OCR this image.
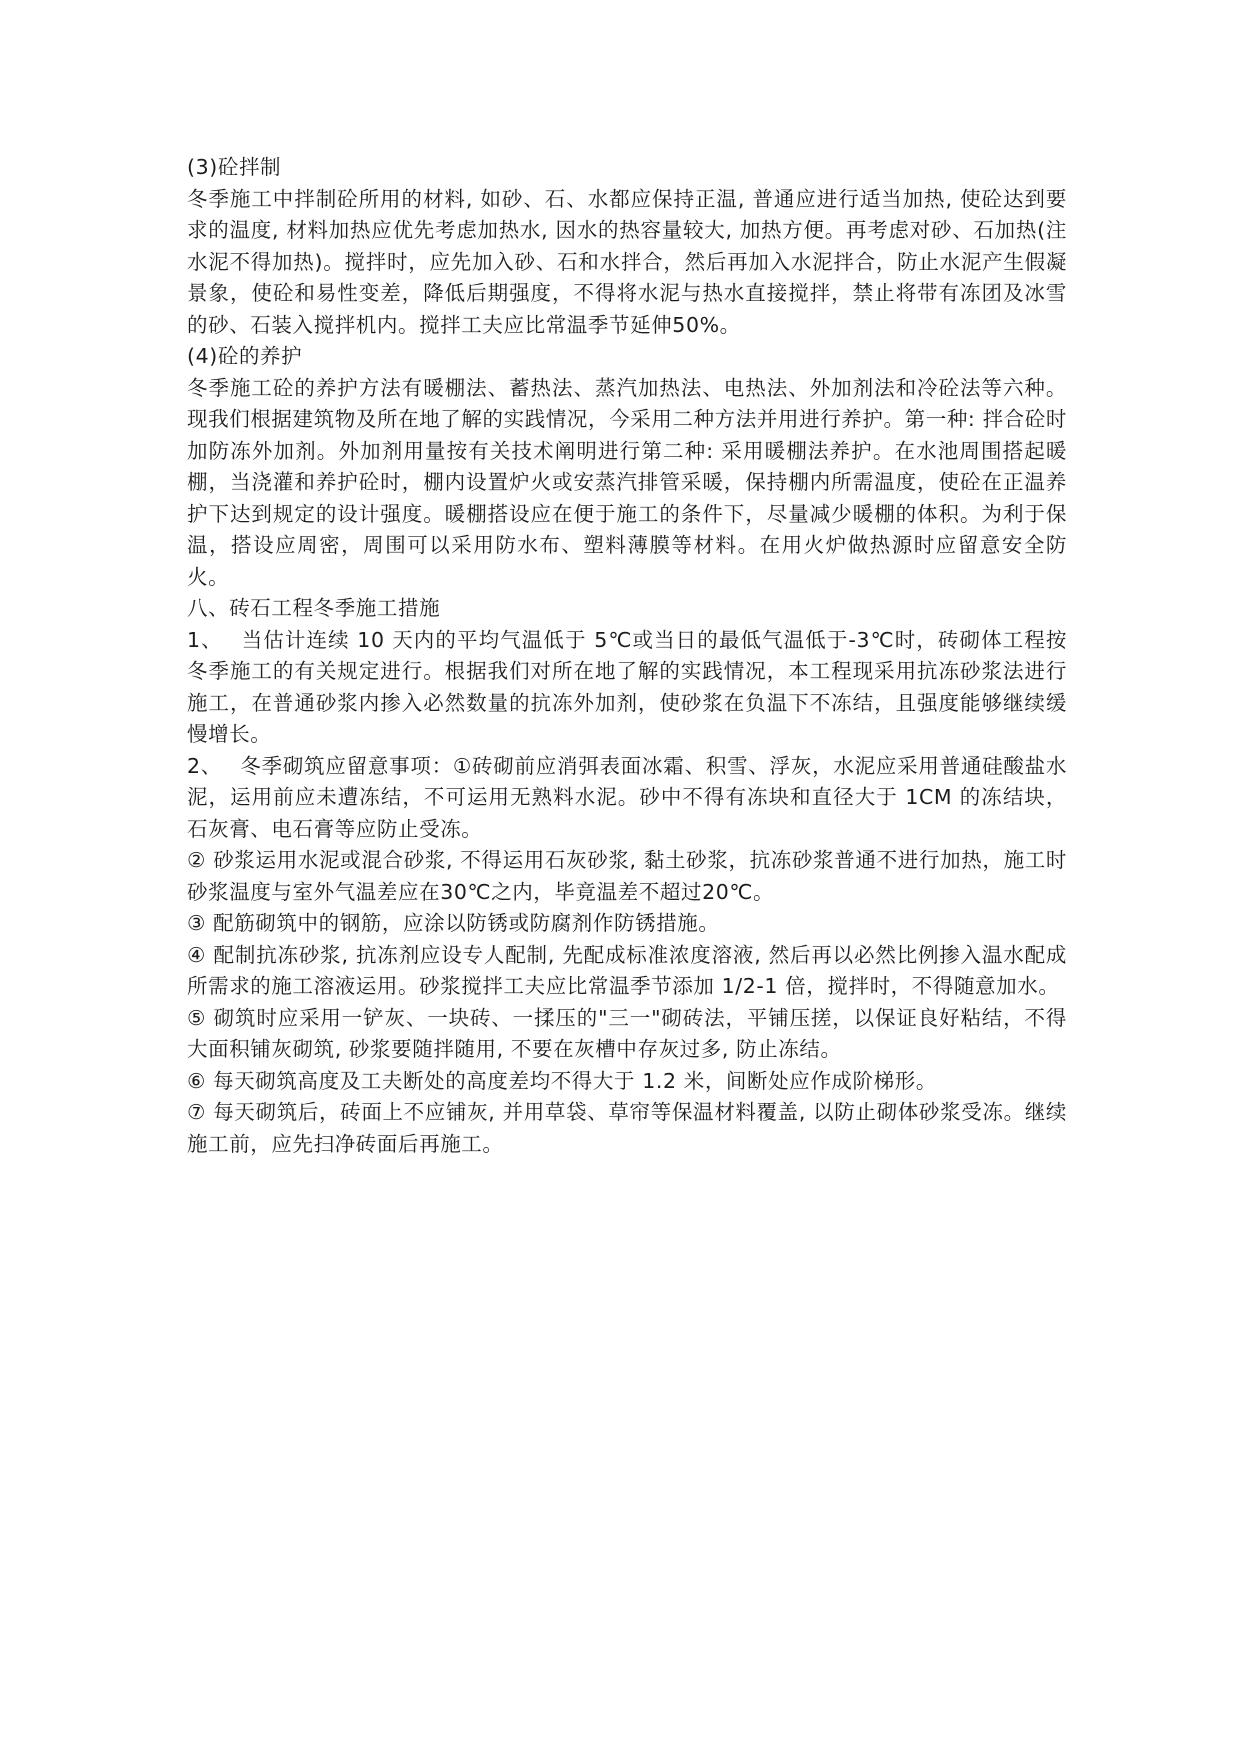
(3)砼拌制

冬季施工中拌制砼所用的材料, 如砂、石、水都应保持正温, 普通应进行适当加热, 使砼达到要求的温度, 材料加热应优先考虑加热水, 因水的热容量较大, 加热方便。再考虑对砂、石加热(注水泥不得加热)。搅拌时，应先加入砂、石和水拌合，然后再加入水泥拌合，防止水泥产生假凝景象，使砼和易性变差，降低后期强度，不得将水泥与热水直接搅拌，禁止将带有冻团及冰雪的砂、石装入搅拌机内。搅拌工夫应比常温季节延伸50%。

(4)砼的养护

冬季施工砼的养护方法有暖棚法、蓄热法、蒸汽加热法、电热法、外加剂法和冷砼法等六种。现我们根据建筑物及所在地了解的实践情况，今采用二种方法并用进行养护。第一种: 拌合砼时加防冻外加剂。外加剂用量按有关技术阐明进行第二种: 采用暖棚法养护。在水池周围搭起暖棚，当浇灌和养护砼时，棚内设置炉火或安蒸汽排管采暖，保持棚内所需温度，使砼在正温养护下达到规定的设计强度。暖棚搭设应在便于施工的条件下，尽量减少暖棚的体积。为利于保温，搭设应周密，周围可以采用防水布、塑料薄膜等材料。在用火炉做热源时应留意安全防火。

八、砖石工程冬季施工措施

1、　 当估计连续 10 天内的平均气温低于 5℃或当日的最低气温低于-3℃时，砖砌体工程按冬季施工的有关规定进行。根据我们对所在地了解的实践情况，本工程现采用抗冻砂浆法进行施工，在普通砂浆内掺入必然数量的抗冻外加剂，使砂浆在负温下不冻结，且强度能够继续缓慢增长。

2、　 冬季砌筑应留意事项：①砖砌前应消弭表面冰霜、积雪、浮灰，水泥应采用普通硅酸盐水泥，运用前应未遭冻结，不可运用无熟料水泥。砂中不得有冻块和直径大于 1CM 的冻结块，石灰膏、电石膏等应防止受冻。

② 砂浆运用水泥或混合砂浆, 不得运用石灰砂浆, 黏土砂浆，抗冻砂浆普通不进行加热，施工时砂浆温度与室外气温差应在30℃之内，毕竟温差不超过20℃。

③ 配筋砌筑中的钢筋，应涂以防锈或防腐剂作防锈措施。

④ 配制抗冻砂浆, 抗冻剂应设专人配制, 先配成标准浓度溶液, 然后再以必然比例掺入温水配成所需求的施工溶液运用。砂浆搅拌工夫应比常温季节添加 1/2-1 倍，搅拌时，不得随意加水。

⑤ 砌筑时应采用一铲灰、一块砖、一揉压的"三一"砌砖法，平铺压搓，以保证良好粘结，不得大面积铺灰砌筑, 砂浆要随拌随用, 不要在灰槽中存灰过多, 防止冻结。

⑥ 每天砌筑高度及工夫断处的高度差均不得大于 1.2 米，间断处应作成阶梯形。

⑦ 每天砌筑后，砖面上不应铺灰, 并用草袋、草帘等保温材料覆盖, 以防止砌体砂浆受冻。继续施工前，应先扫净砖面后再施工。
